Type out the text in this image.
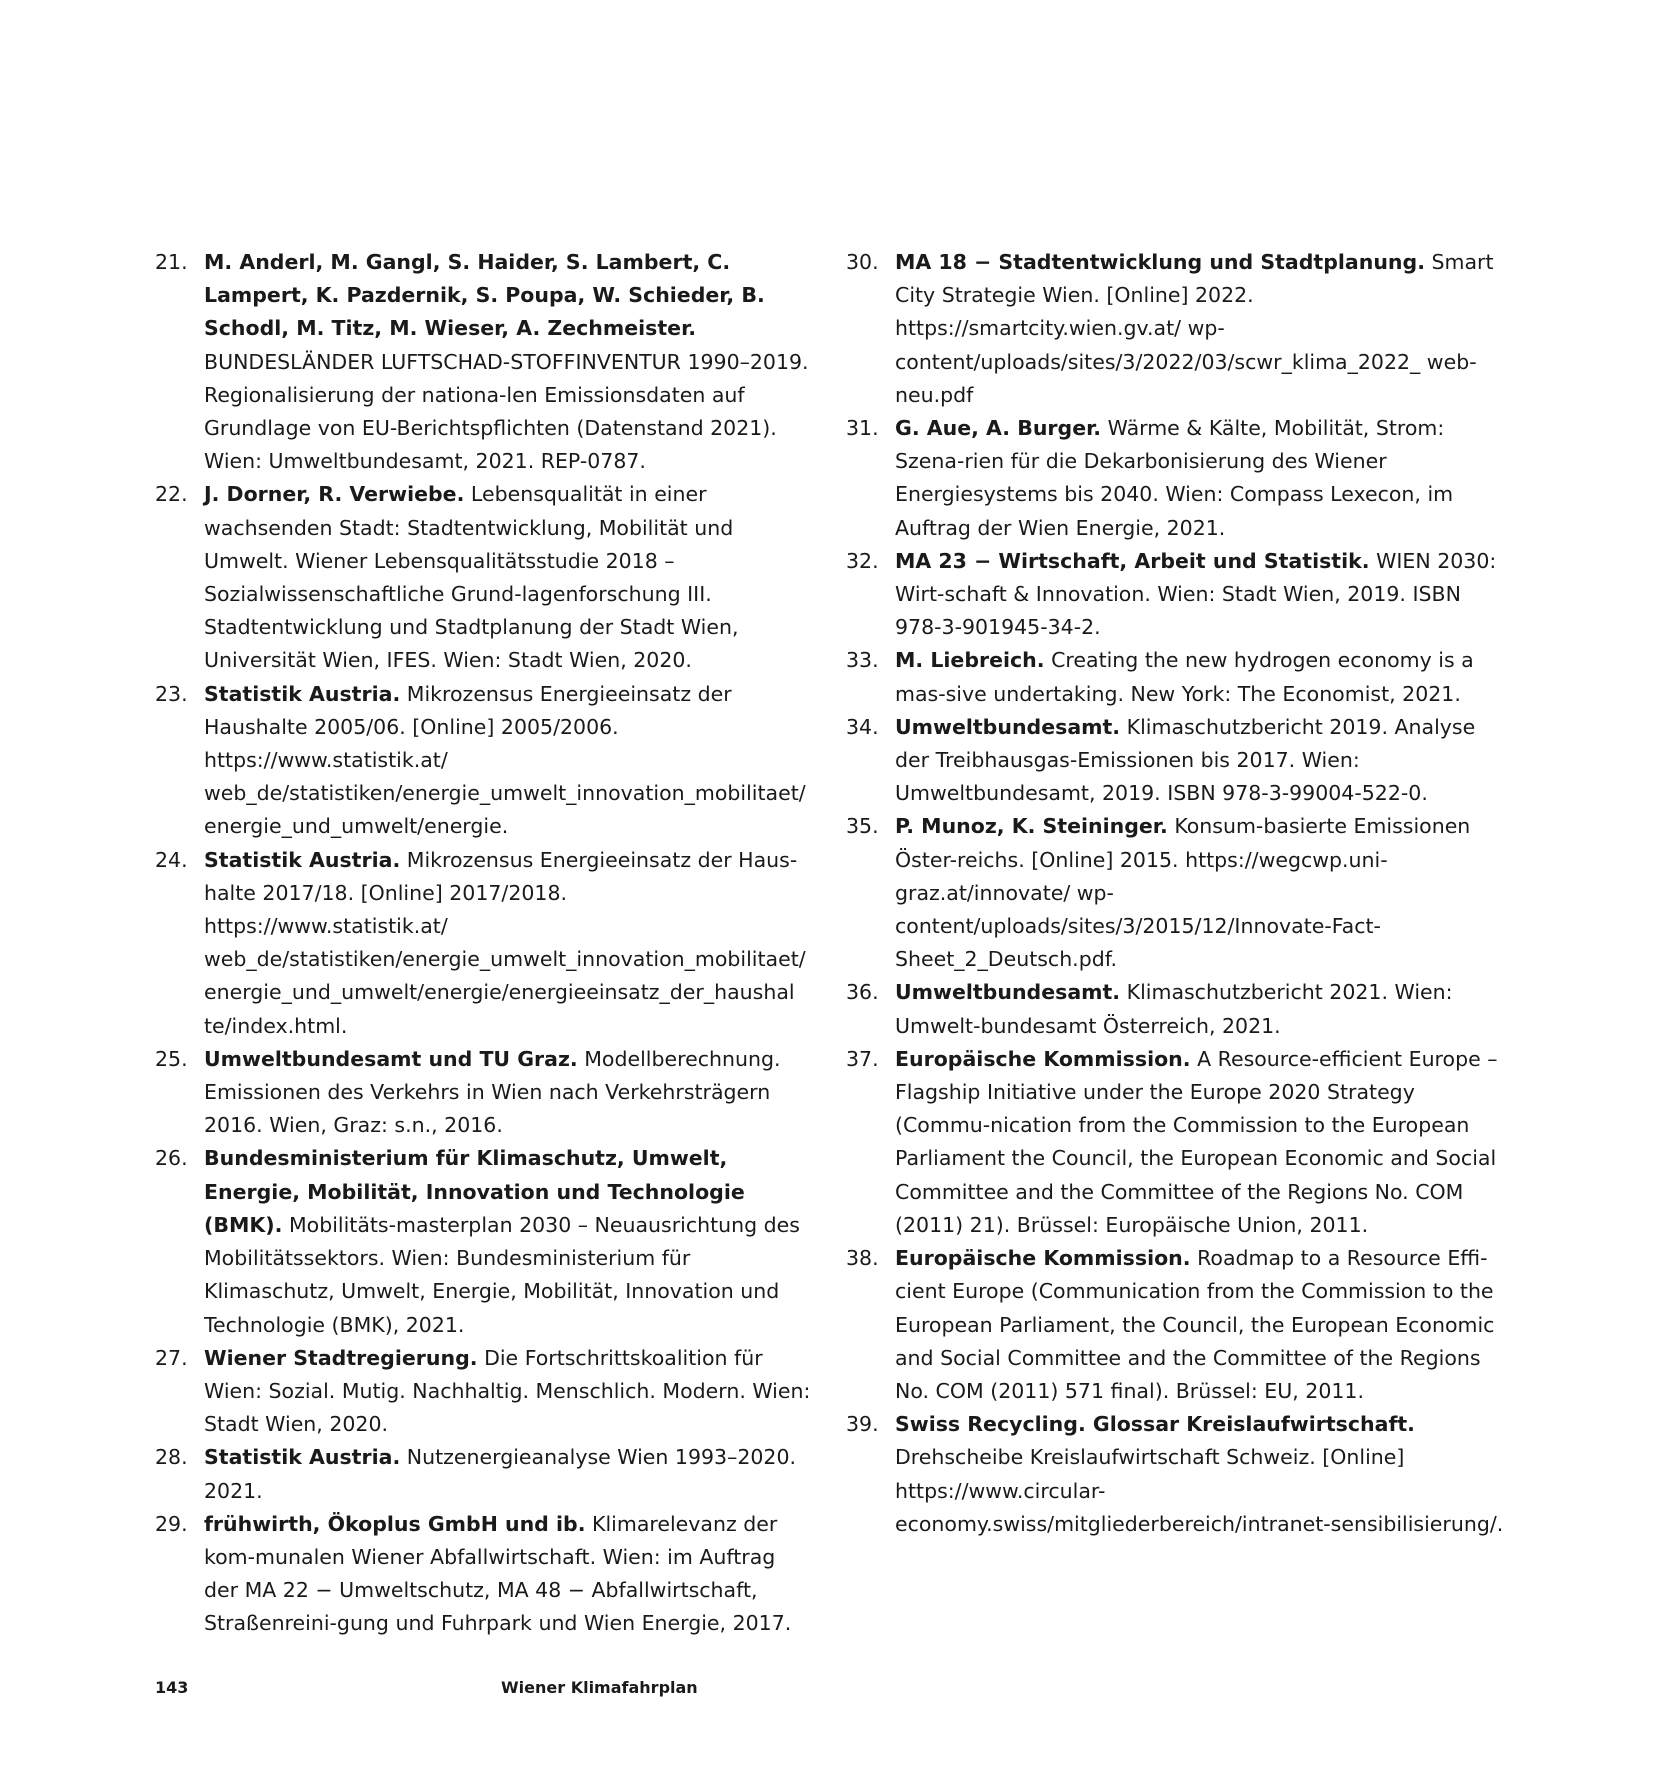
21. M. Anderl, M. Gangl, S. Haider, S. Lambert, C. Lampert, K. Pazdernik, S. Poupa, W. Schieder, B. Schodl, M. Titz, M. Wieser, A. Zechmeister. BUNDESLÄNDER LUFTSCHAD-STOFFINVENTUR 1990–2019. Regionalisierung der nationa-len Emissionsdaten auf Grundlage von EU-Berichtspflichten (Datenstand 2021). Wien: Umweltbundesamt, 2021. REP-0787.

22. J. Dorner, R. Verwiebe. Lebensqualität in einer wachsenden Stadt: Stadtentwicklung, Mobilität und Umwelt. Wiener Lebensqualitätsstudie 2018 – Sozialwissenschaftliche Grund-lagenforschung III. Stadtentwicklung und Stadtplanung der Stadt Wien, Universität Wien, IFES. Wien: Stadt Wien, 2020.

23. Statistik Austria. Mikrozensus Energieeinsatz der Haushalte 2005/06. [Online] 2005/2006. https://www.statistik.at/ web_de/statistiken/energie_umwelt_innovation_mobilitaet/ energie_und_umwelt/energie.

24. Statistik Austria. Mikrozensus Energieeinsatz der Haus-halte 2017/18. [Online] 2017/2018. https://www.statistik.at/ web_de/statistiken/energie_umwelt_innovation_mobilitaet/ energie_und_umwelt/energie/energieeinsatz_der_haushal te/index.html.

25. Umweltbundesamt und TU Graz. Modellberechnung. Emissionen des Verkehrs in Wien nach Verkehrsträgern 2016. Wien, Graz: s.n., 2016.

26. Bundesministerium für Klimaschutz, Umwelt, Energie, Mobilität, Innovation und Technologie (BMK). Mobilitäts-masterplan 2030 – Neuausrichtung des Mobilitätssektors. Wien: Bundesministerium für Klimaschutz, Umwelt, Energie, Mobilität, Innovation und Technologie (BMK), 2021.

27. Wiener Stadtregierung. Die Fortschrittskoalition für Wien: Sozial. Mutig. Nachhaltig. Menschlich. Modern. Wien: Stadt Wien, 2020.

28. Statistik Austria. Nutzenergieanalyse Wien 1993–2020. 2021.

29. frühwirth, Ökoplus GmbH und ib. Klimarelevanz der kom-munalen Wiener Abfallwirtschaft. Wien: im Auftrag der MA 22 − Umweltschutz, MA 48 − Abfallwirtschaft, Straßenreini-gung und Fuhrpark und Wien Energie, 2017.

30. MA 18 − Stadtentwicklung und Stadtplanung. Smart City Strategie Wien. [Online] 2022. https://smartcity.wien.gv.at/ wp-content/uploads/sites/3/2022/03/scwr_klima_2022_ web-neu.pdf

31. G. Aue, A. Burger. Wärme & Kälte, Mobilität, Strom: Szena-rien für die Dekarbonisierung des Wiener Energiesystems bis 2040. Wien: Compass Lexecon, im Auftrag der Wien Energie, 2021.

32. MA 23 − Wirtschaft, Arbeit und Statistik. WIEN 2030: Wirt-schaft & Innovation. Wien: Stadt Wien, 2019. ISBN 978-3-901945-34-2.

33. M. Liebreich. Creating the new hydrogen economy is a mas-sive undertaking. New York: The Economist, 2021.

34. Umweltbundesamt. Klimaschutzbericht 2019. Analyse der Treibhausgas-Emissionen bis 2017. Wien: Umweltbundesamt, 2019. ISBN 978-3-99004-522-0.

35. P. Munoz, K. Steininger. Konsum-basierte Emissionen Öster-reichs. [Online] 2015. https://wegcwp.uni-graz.at/innovate/ wp-content/uploads/sites/3/2015/12/Innovate-Fact-Sheet_2_Deutsch.pdf.

36. Umweltbundesamt. Klimaschutzbericht 2021. Wien: Umwelt-bundesamt Österreich, 2021.

37. Europäische Kommission. A Resource-efficient Europe – Flagship Initiative under the Europe 2020 Strategy (Commu-nication from the Commission to the European Parliament the Council, the European Economic and Social Committee and the Committee of the Regions No. COM (2011) 21). Brüssel: Europäische Union, 2011.

38. Europäische Kommission. Roadmap to a Resource Effi-cient Europe (Communication from the Commission to the European Parliament, the Council, the European Economic and Social Committee and the Committee of the Regions No. COM (2011) 571 final). Brüssel: EU, 2011.

39. Swiss Recycling. Glossar Kreislaufwirtschaft. Drehscheibe Kreislaufwirtschaft Schweiz. [Online] https://www.circular-economy.swiss/mitgliederbereich/intranet-sensibilisierung/.

143	Wiener Klimafahrplan
